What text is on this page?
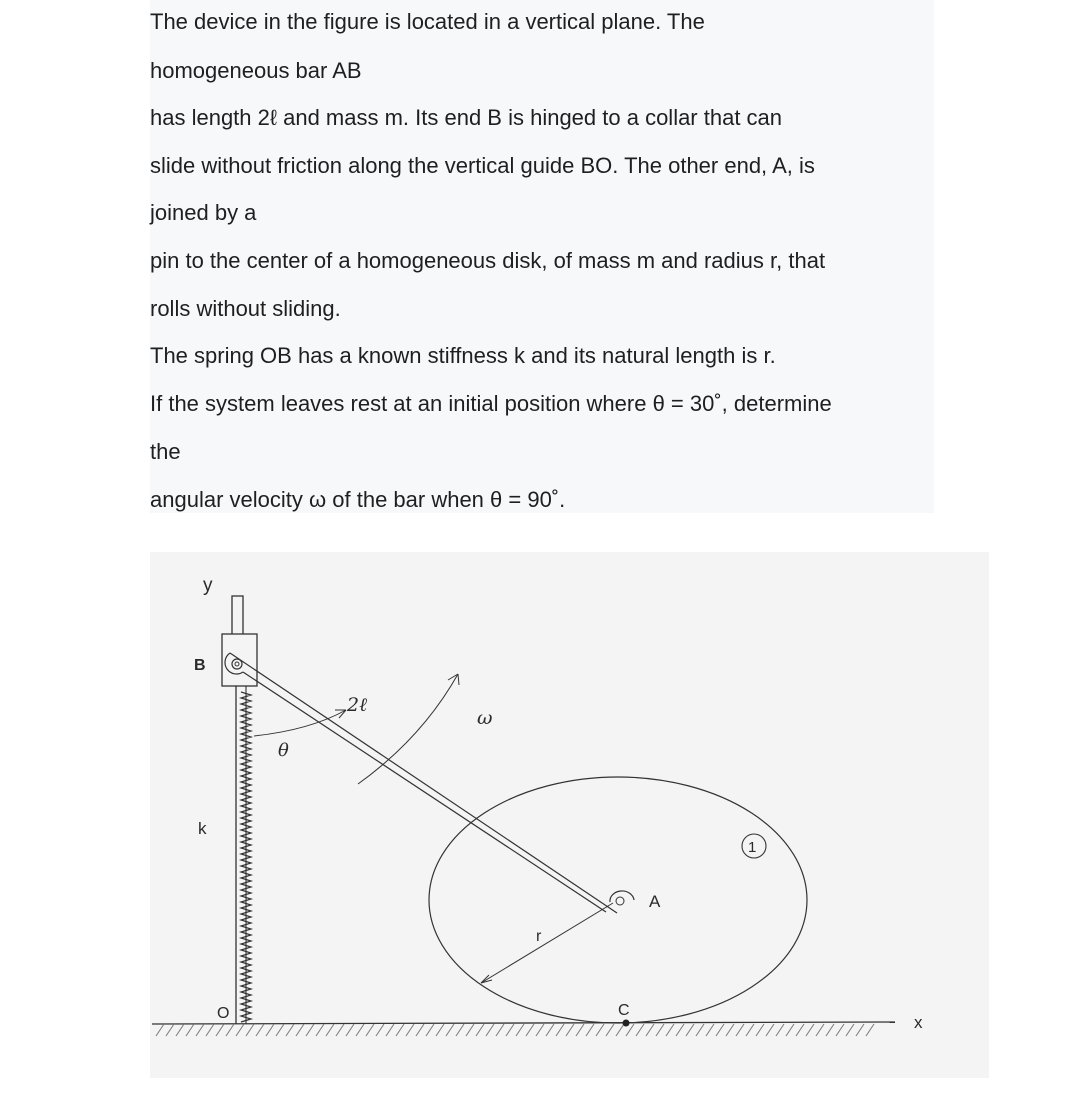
The device in the figure is located in a vertical plane. The

homogeneous bar AB

has length 2ℓ and mass m. Its end B is hinged to a collar that can

slide without friction along the vertical guide BO. The other end, A, is

joined by a

pin to the center of a homogeneous disk, of mass m and radius r, that

rolls without sliding.

The spring OB has a known stiffness k and its natural length is r.

If the system leaves rest at an initial position where θ = 30˚, determine

the

angular velocity ω of the bar when θ = 90˚.

x
y
B
2ℓ
ω
θ
k
A
r
1
C
O
